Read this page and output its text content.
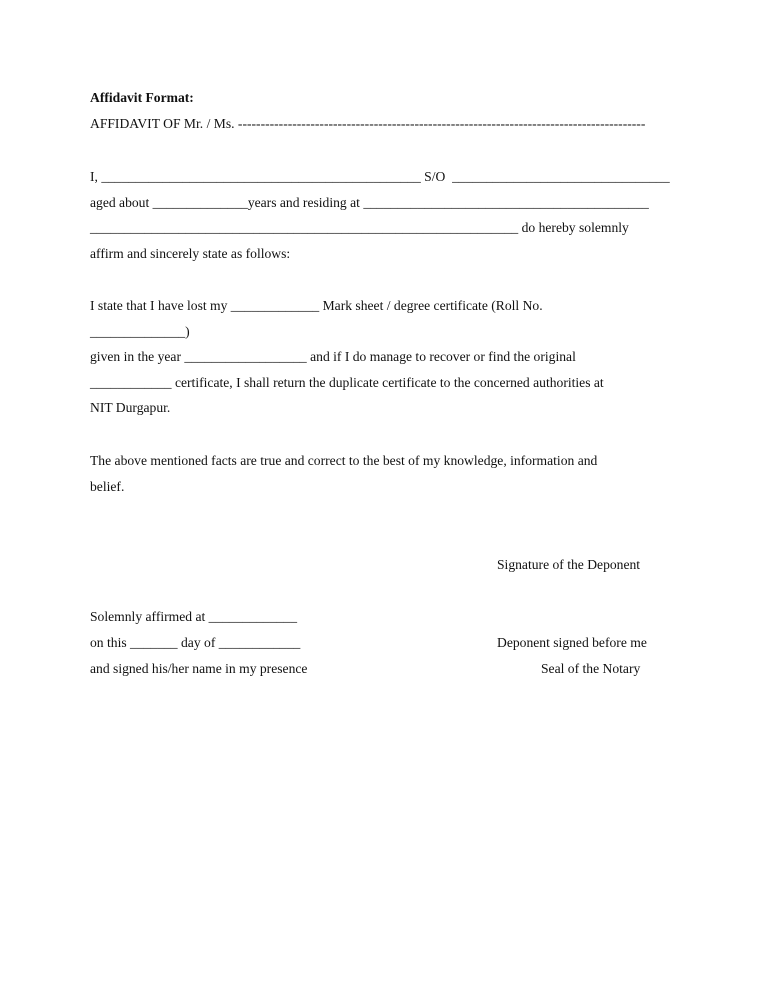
Affidavit Format:
AFFIDAVIT OF Mr. / Ms. ------------------------------------------------------------------------------------------
I, _______________________________________________ S/O  ________________________________
aged about ______________years and residing at __________________________________________
_______________________________________________________________ do hereby solemnly
affirm and sincerely state as follows:
I state that I have lost my _____________ Mark sheet / degree certificate (Roll No.
______________)
given in the year __________________ and if I do manage to recover or find the original
____________ certificate, I shall return the duplicate certificate to the concerned authorities at
NIT Durgapur.
The above mentioned facts are true and correct to the best of my knowledge, information and
belief.
Signature of the Deponent
Solemnly affirmed at _____________
on this _______ day of ____________
and signed his/her name in my presence
Deponent signed before me
Seal of the Notary
